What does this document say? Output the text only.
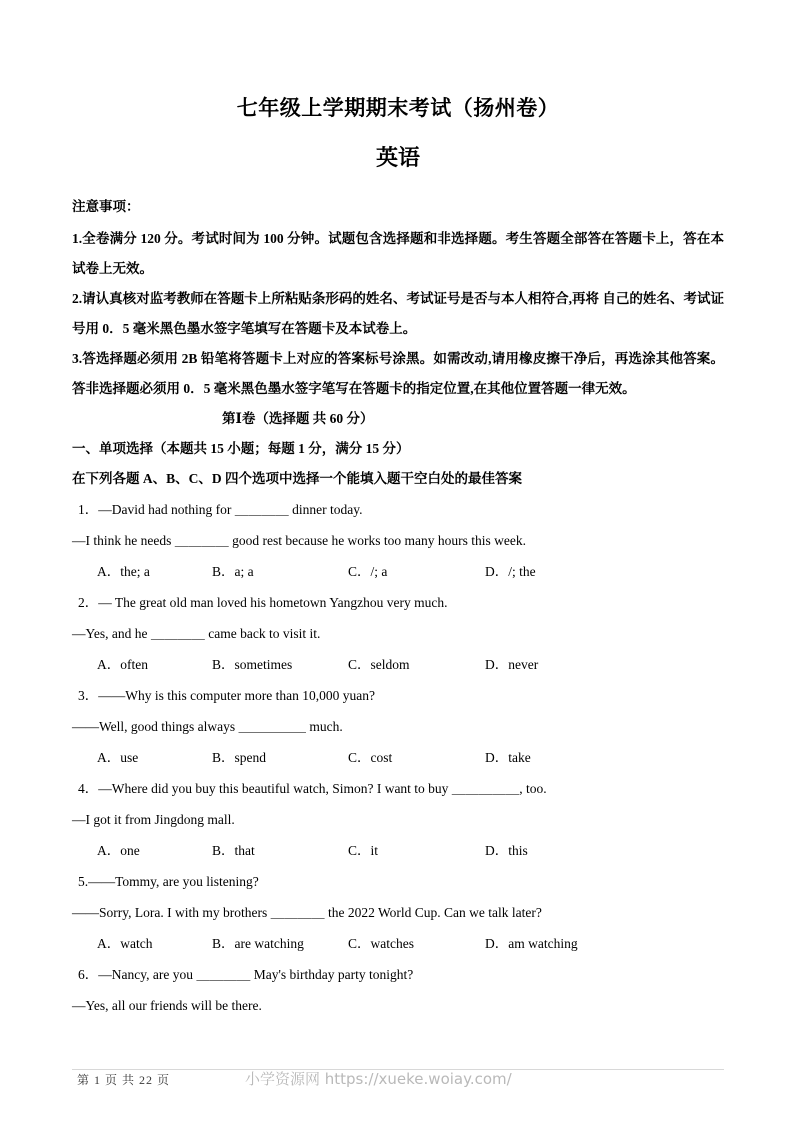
七年级上学期期末考试（扬州卷）
英语

注意事项：

1.全卷满分 120 分。考试时间为 100 分钟。试题包含选择题和非选择题。考生答题全部答在答题卡上，答在本试卷上无效。

2.请认真核对监考教师在答题卡上所粘贴条形码的姓名、考试证号是否与本人相符合,再将 自己的姓名、考试证号用 0．5 毫米黑色墨水签字笔填写在答题卡及本试卷上。

3.答选择题必须用 2B 铅笔将答题卡上对应的答案标号涂黑。如需改动,请用橡皮擦干净后，再选涂其他答案。答非选择题必须用 0．5 毫米黑色墨水签字笔写在答题卡的指定位置,在其他位置答题一律无效。

第Ⅰ卷（选择题 共 60 分）

一、单项选择（本题共 15 小题；每题 1 分，满分 15 分）

在下列各题 A、B、C、D 四个选项中选择一个能填入题干空白处的最佳答案

1．—David had nothing for ＿＿＿＿ dinner today.

—I think he needs ＿＿＿＿ good rest because he works too many hours this week.

A．the; a	B．a; a	C．/; a	D．/; the

2．— The great old man loved his hometown Yangzhou very much.

—Yes, and he ＿＿＿＿ came back to visit it.

A．often	B．sometimes	C．seldom	D．never

3．——Why is this computer more than 10,000 yuan?

——Well, good things always ＿＿＿＿＿ much.

A．use	B．spend	C．cost	D．take

4．—Where did you buy this beautiful watch, Simon? I want to buy ＿＿＿＿＿, too.

—I got it from Jingdong mall.

A．one	B．that	C．it	D．this

5.——Tommy, are you listening?

——Sorry, Lora. I with my brothers ＿＿＿＿ the 2022 World Cup. Can we talk later?

A．watch	B．are watching	C．watches	D．am watching

6．—Nancy, are you ＿＿＿＿ May's birthday party tonight?

—Yes, all our friends will be there.

第 1 页 共 22 页	小学资源网 https://xueke.woiay.com/
